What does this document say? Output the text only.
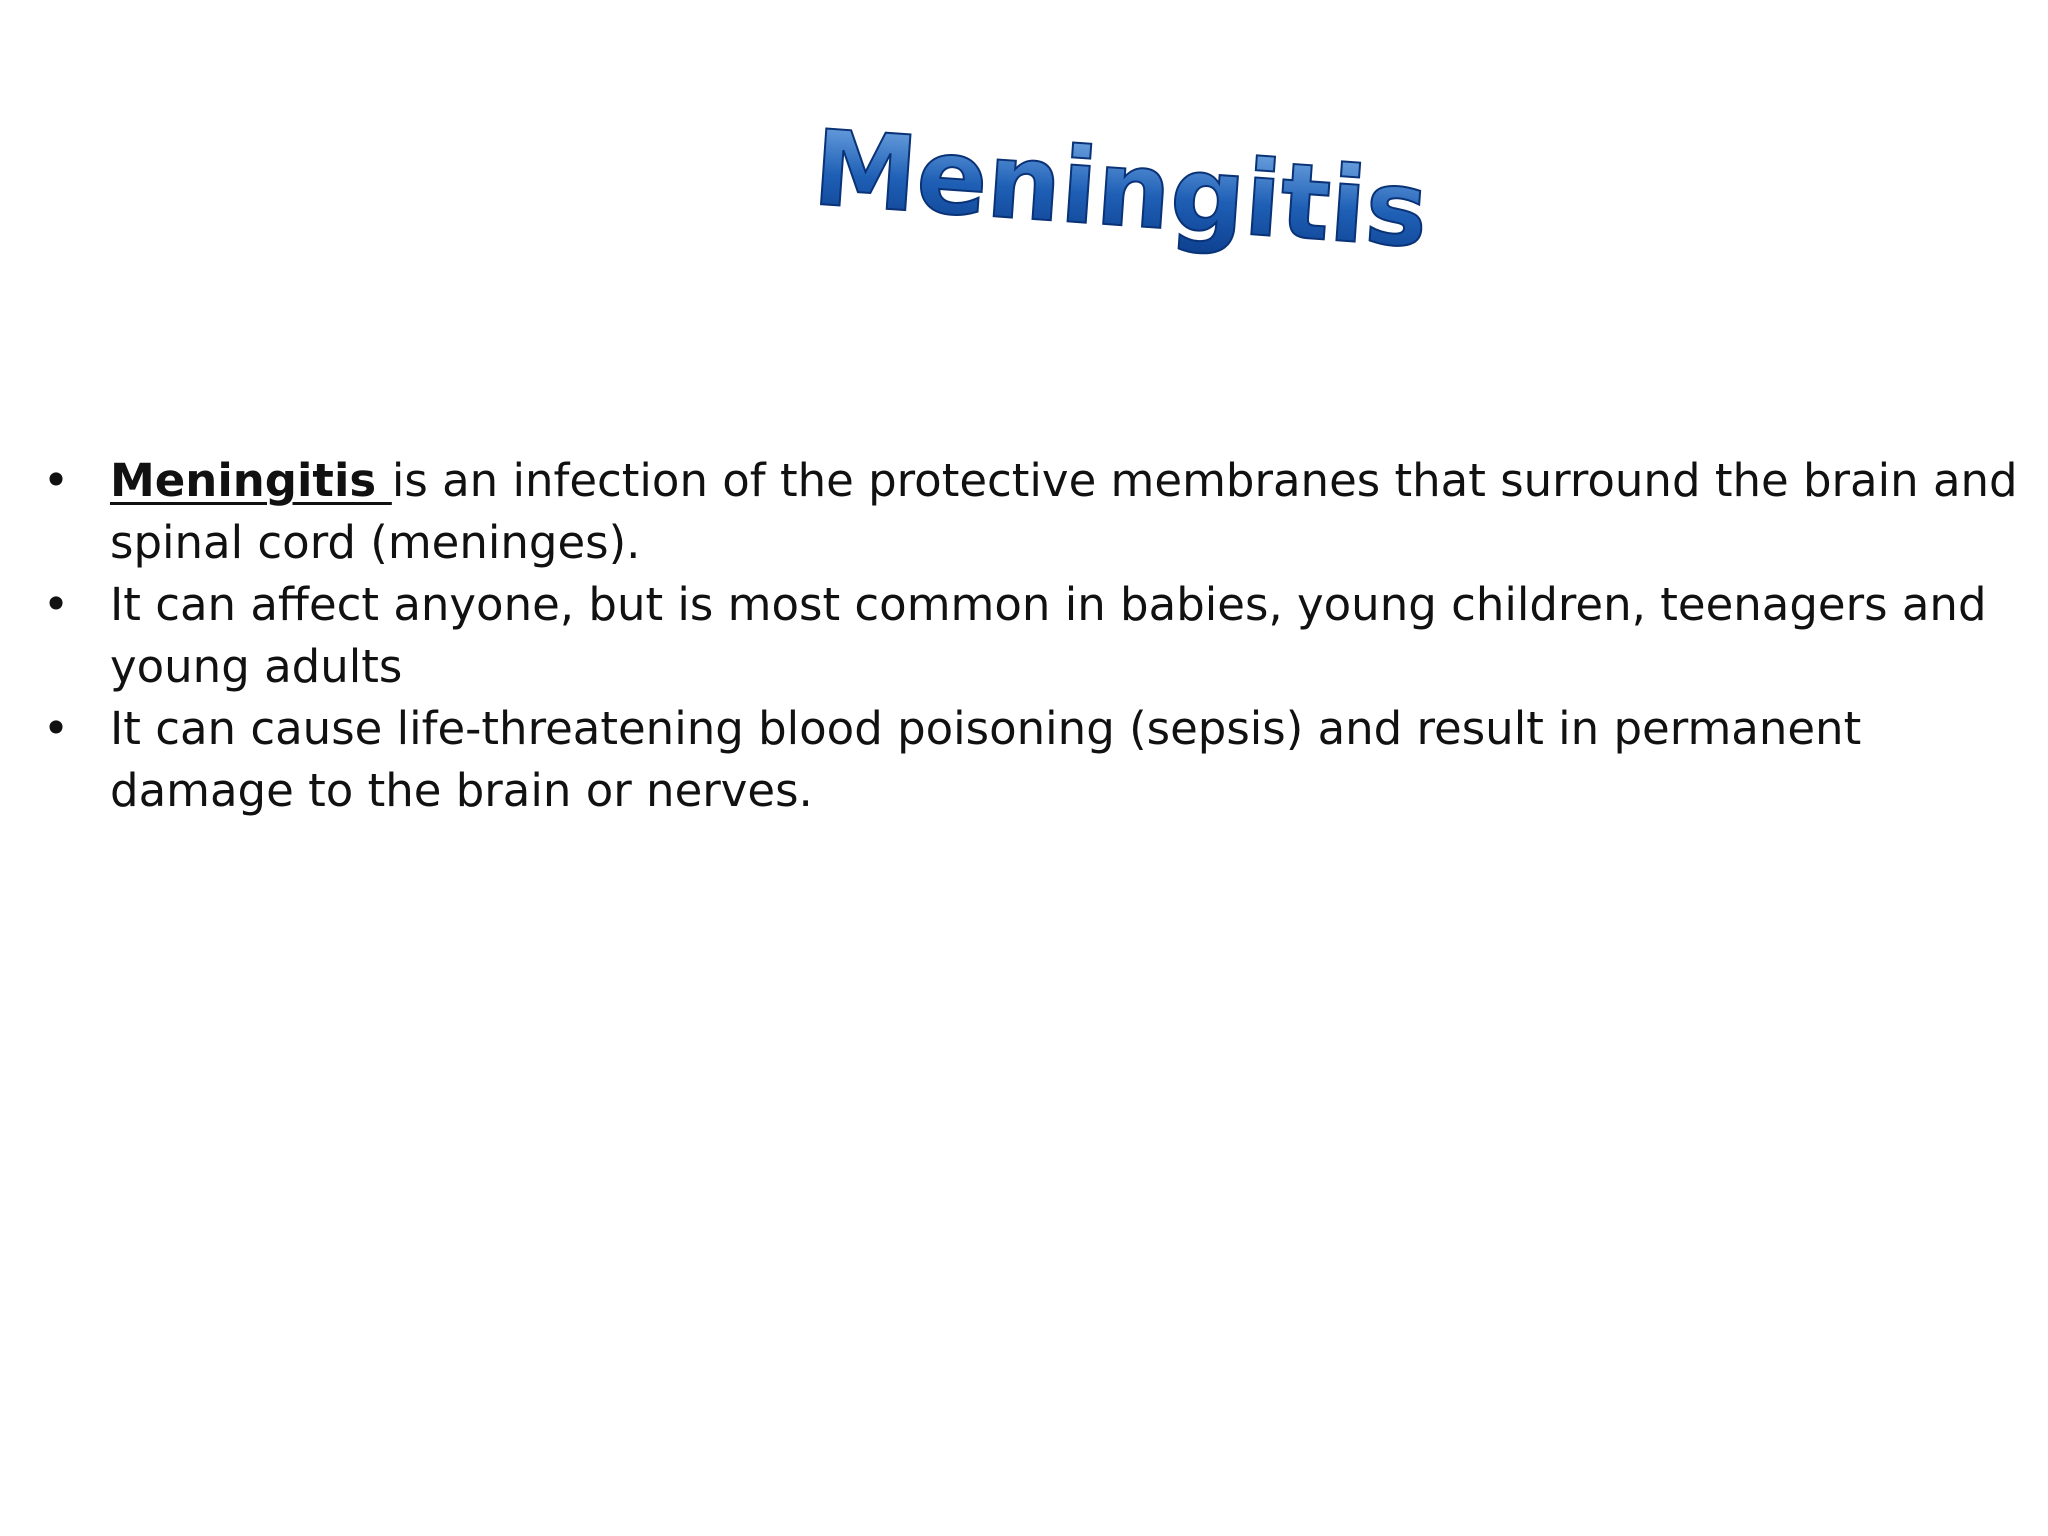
Meningitis
• Meningitis is an infection of the protective membranes that surround the brain and spinal cord (meninges).
• It can affect anyone, but is most common in babies, young children, teenagers and young adults
• It can cause life-threatening blood poisoning (sepsis) and result in permanent damage to the brain or nerves.
